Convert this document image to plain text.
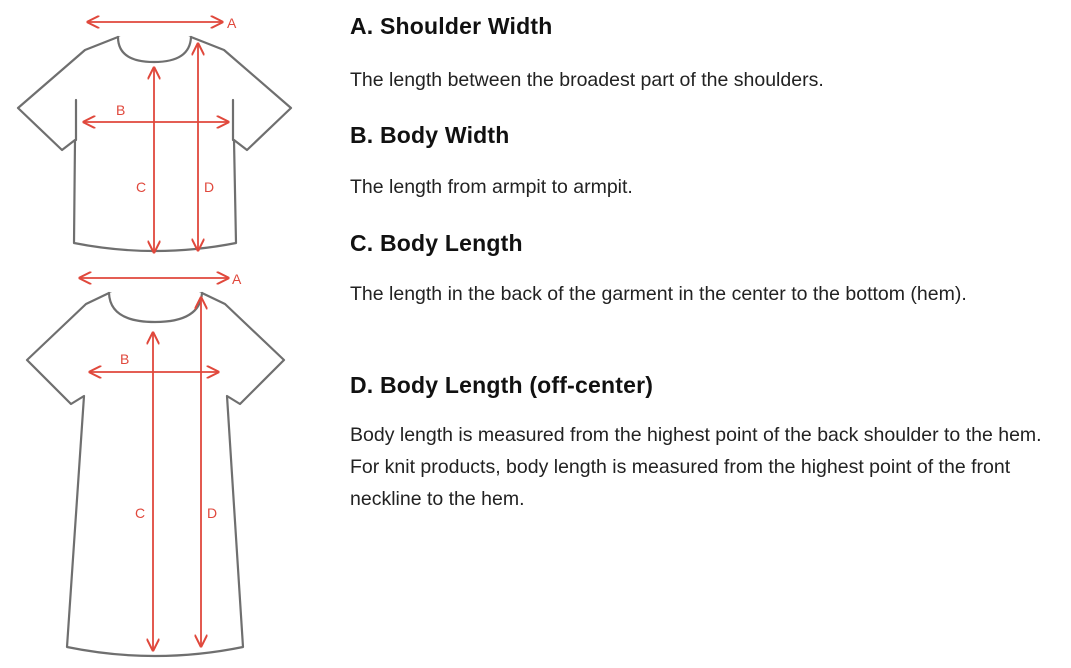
A
B
C	D
A
B
C	D
A. Shoulder Width

The length between the broadest part of the shoulders.

B. Body Width

The length from armpit to armpit.

C. Body Length

The length in the back of the garment in the center to the bottom (hem).

D. Body Length (off-center)

Body length is measured from the highest point of the back shoulder to the hem. For knit products, body length is measured from the highest point of the front neckline to the hem.
